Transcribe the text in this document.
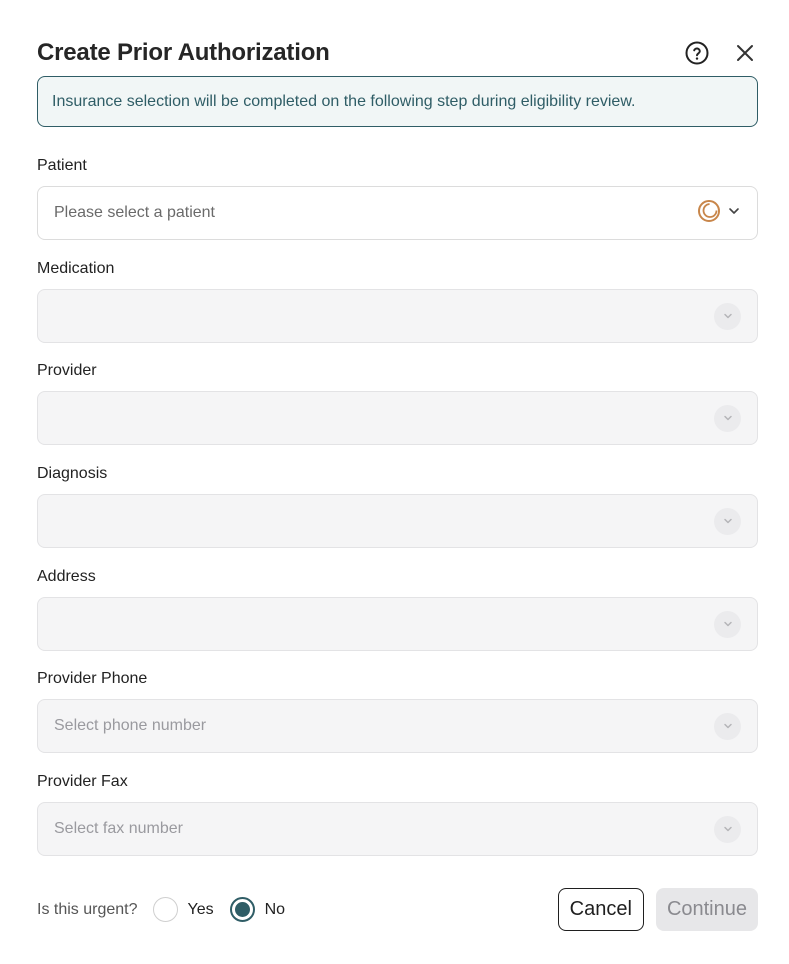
Create Prior Authorization
Insurance selection will be completed on the following step during eligibility review.
Patient
Please select a patient
Medication
Provider
Diagnosis
Address
Provider Phone
Select phone number
Provider Fax
Select fax number
Is this urgent?	Yes	No	Cancel	Continue
